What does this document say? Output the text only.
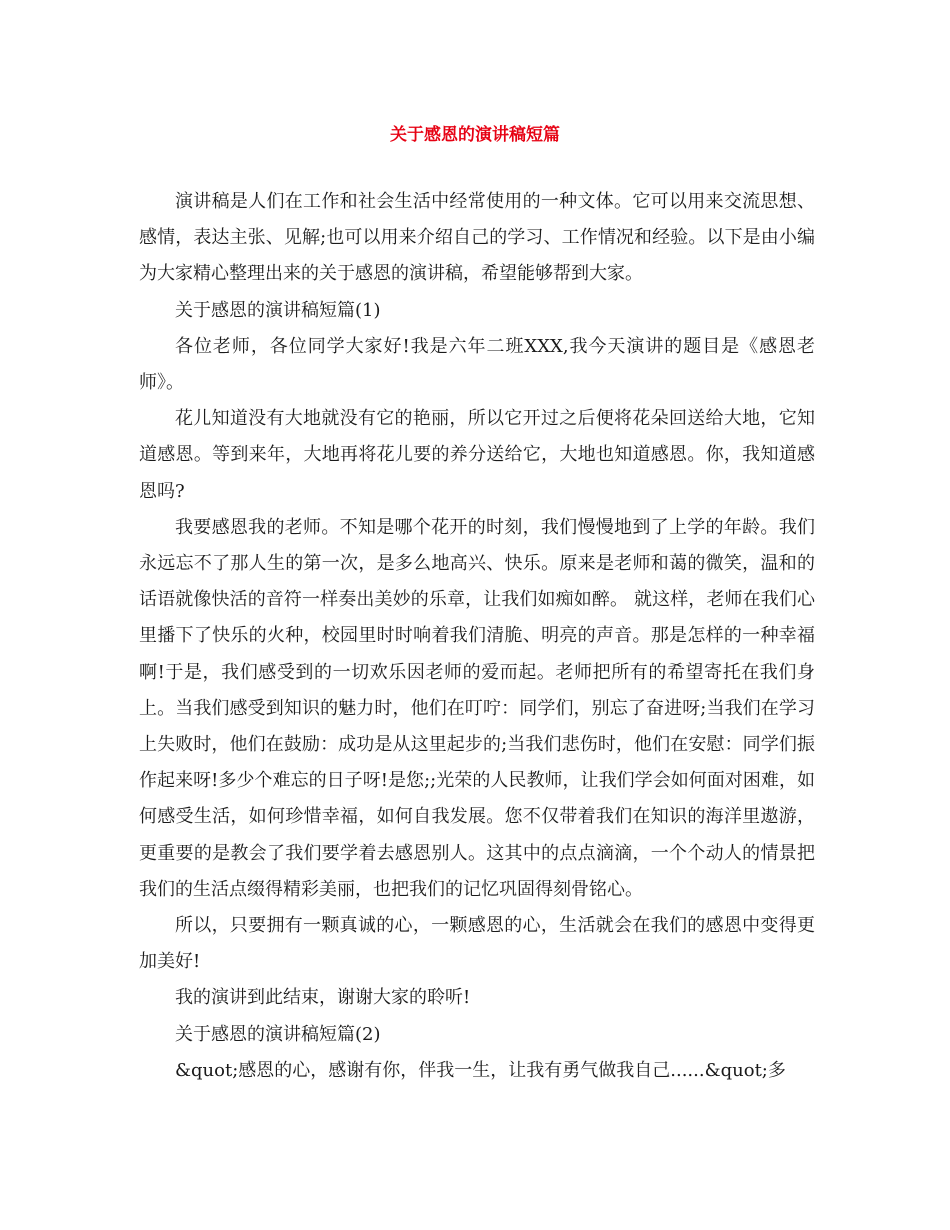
关于感恩的演讲稿短篇

演讲稿是人们在工作和社会生活中经常使用的一种文体。它可以用来交流思想、感情，表达主张、见解;也可以用来介绍自己的学习、工作情况和经验。以下是由小编为大家精心整理出来的关于感恩的演讲稿，希望能够帮到大家。

关于感恩的演讲稿短篇(1)

各位老师，各位同学大家好!我是六年二班XXX,我今天演讲的题目是《感恩老师》。

花儿知道没有大地就没有它的艳丽，所以它开过之后便将花朵回送给大地，它知道感恩。等到来年，大地再将花儿要的养分送给它，大地也知道感恩。你，我知道感恩吗?

我要感恩我的老师。不知是哪个花开的时刻，我们慢慢地到了上学的年龄。我们永远忘不了那人生的第一次，是多么地高兴、快乐。原来是老师和蔼的微笑，温和的话语就像快活的音符一样奏出美妙的乐章，让我们如痴如醉。 就这样，老师在我们心里播下了快乐的火种，校园里时时响着我们清脆、明亮的声音。那是怎样的一种幸福啊!于是，我们感受到的一切欢乐因老师的爱而起。老师把所有的希望寄托在我们身上。当我们感受到知识的魅力时，他们在叮咛：同学们，别忘了奋进呀;当我们在学习上失败时，他们在鼓励：成功是从这里起步的;当我们悲伤时，他们在安慰：同学们振作起来呀!多少个难忘的日子呀!是您;;光荣的人民教师，让我们学会如何面对困难，如何感受生活，如何珍惜幸福，如何自我发展。您不仅带着我们在知识的海洋里遨游，更重要的是教会了我们要学着去感恩别人。这其中的点点滴滴，一个个动人的情景把我们的生活点缀得精彩美丽，也把我们的记忆巩固得刻骨铭心。

所以，只要拥有一颗真诚的心，一颗感恩的心，生活就会在我们的感恩中变得更加美好!

我的演讲到此结束，谢谢大家的聆听!

关于感恩的演讲稿短篇(2)

&quot;感恩的心，感谢有你，伴我一生，让我有勇气做我自己......&quot;多
